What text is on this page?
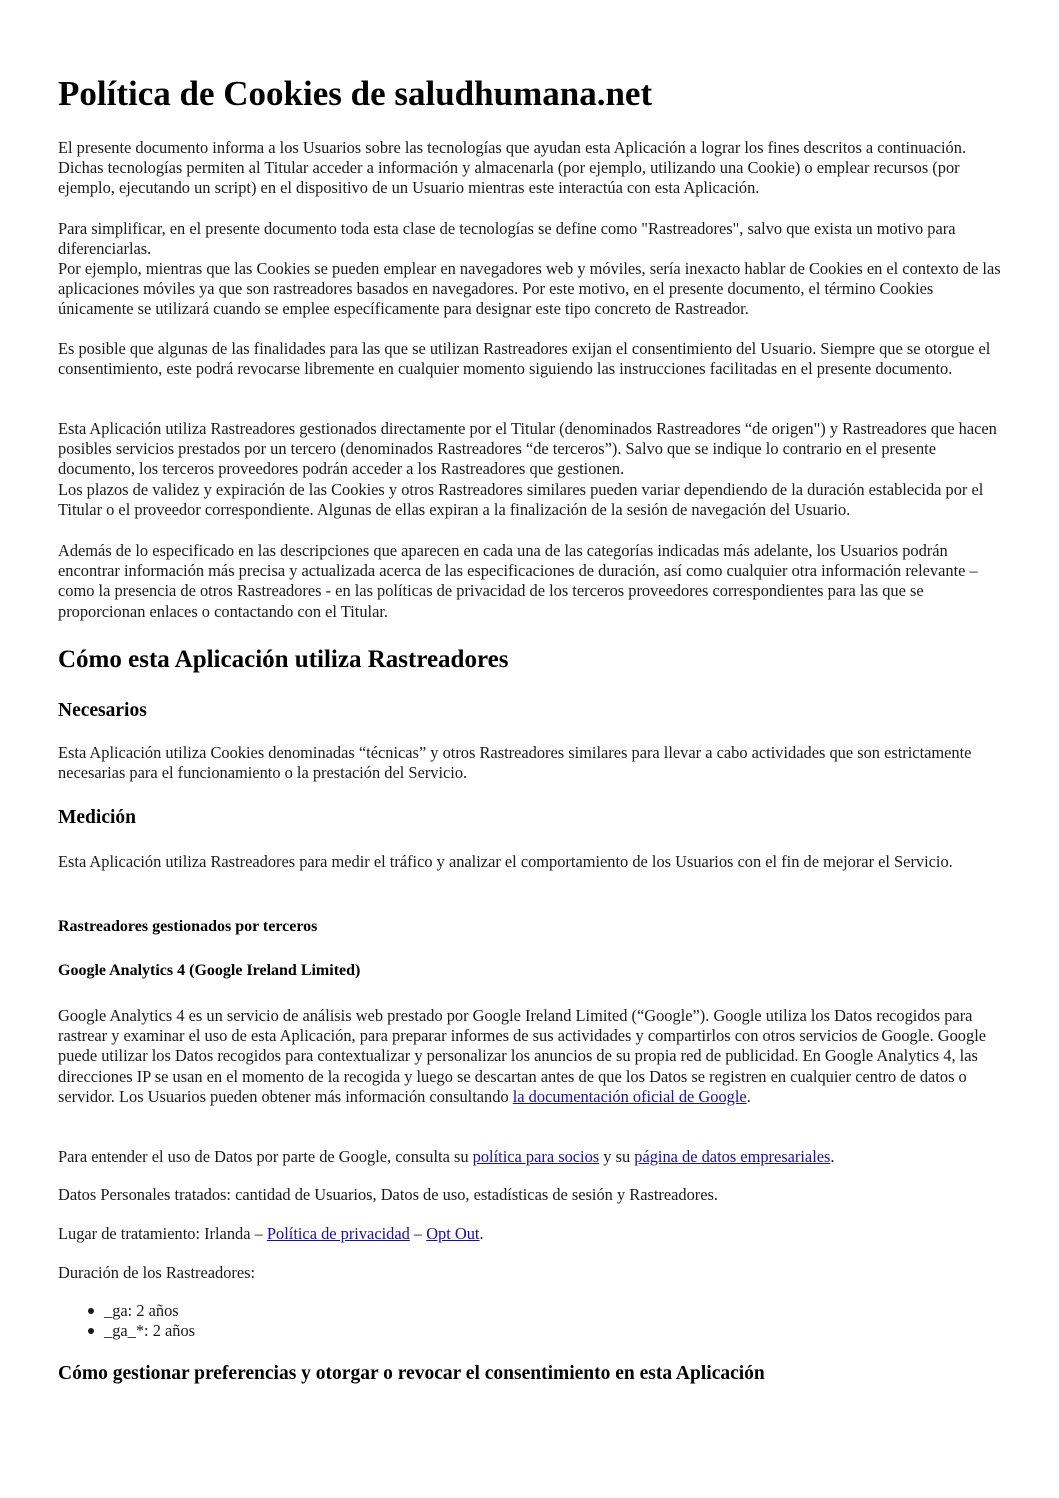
Política de Cookies de saludhumana.net

El presente documento informa a los Usuarios sobre las tecnologías que ayudan esta Aplicación a lograr los fines descritos a continuación. Dichas tecnologías permiten al Titular acceder a información y almacenarla (por ejemplo, utilizando una Cookie) o emplear recursos (por ejemplo, ejecutando un script) en el dispositivo de un Usuario mientras este interactúa con esta Aplicación.

Para simplificar, en el presente documento toda esta clase de tecnologías se define como "Rastreadores", salvo que exista un motivo para diferenciarlas.

Por ejemplo, mientras que las Cookies se pueden emplear en navegadores web y móviles, sería inexacto hablar de Cookies en el contexto de las aplicaciones móviles ya que son rastreadores basados en navegadores. Por este motivo, en el presente documento, el término Cookies únicamente se utilizará cuando se emplee específicamente para designar este tipo concreto de Rastreador.

Es posible que algunas de las finalidades para las que se utilizan Rastreadores exijan el consentimiento del Usuario. Siempre que se otorgue el consentimiento, este podrá revocarse libremente en cualquier momento siguiendo las instrucciones facilitadas en el presente documento.

Esta Aplicación utiliza Rastreadores gestionados directamente por el Titular (denominados Rastreadores “de origen") y Rastreadores que hacen posibles servicios prestados por un tercero (denominados Rastreadores “de terceros”). Salvo que se indique lo contrario en el presente documento, los terceros proveedores podrán acceder a los Rastreadores que gestionen.

Los plazos de validez y expiración de las Cookies y otros Rastreadores similares pueden variar dependiendo de la duración establecida por el Titular o el proveedor correspondiente. Algunas de ellas expiran a la finalización de la sesión de navegación del Usuario.

Además de lo especificado en las descripciones que aparecen en cada una de las categorías indicadas más adelante, los Usuarios podrán encontrar información más precisa y actualizada acerca de las especificaciones de duración, así como cualquier otra información relevante – como la presencia de otros Rastreadores - en las políticas de privacidad de los terceros proveedores correspondientes para las que se proporcionan enlaces o contactando con el Titular.

Cómo esta Aplicación utiliza Rastreadores
Necesarios

Esta Aplicación utiliza Cookies denominadas “técnicas” y otros Rastreadores similares para llevar a cabo actividades que son estrictamente necesarias para el funcionamiento o la prestación del Servicio.

Medición

Esta Aplicación utiliza Rastreadores para medir el tráfico y analizar el comportamiento de los Usuarios con el fin de mejorar el Servicio.

Rastreadores gestionados por terceros
Google Analytics 4 (Google Ireland Limited)

Google Analytics 4 es un servicio de análisis web prestado por Google Ireland Limited (“Google”). Google utiliza los Datos recogidos para rastrear y examinar el uso de esta Aplicación, para preparar informes de sus actividades y compartirlos con otros servicios de Google. Google puede utilizar los Datos recogidos para contextualizar y personalizar los anuncios de su propia red de publicidad. En Google Analytics 4, las direcciones IP se usan en el momento de la recogida y luego se descartan antes de que los Datos se registren en cualquier centro de datos o servidor. Los Usuarios pueden obtener más información consultando la documentación oficial de Google.

Para entender el uso de Datos por parte de Google, consulta su política para socios y su página de datos empresariales.

Datos Personales tratados: cantidad de Usuarios, Datos de uso, estadísticas de sesión y Rastreadores.

Lugar de tratamiento: Irlanda – Política de privacidad – Opt Out.

Duración de los Rastreadores:

_ga: 2 años
_ga_*: 2 años
Cómo gestionar preferencias y otorgar o revocar el consentimiento en esta Aplicación
